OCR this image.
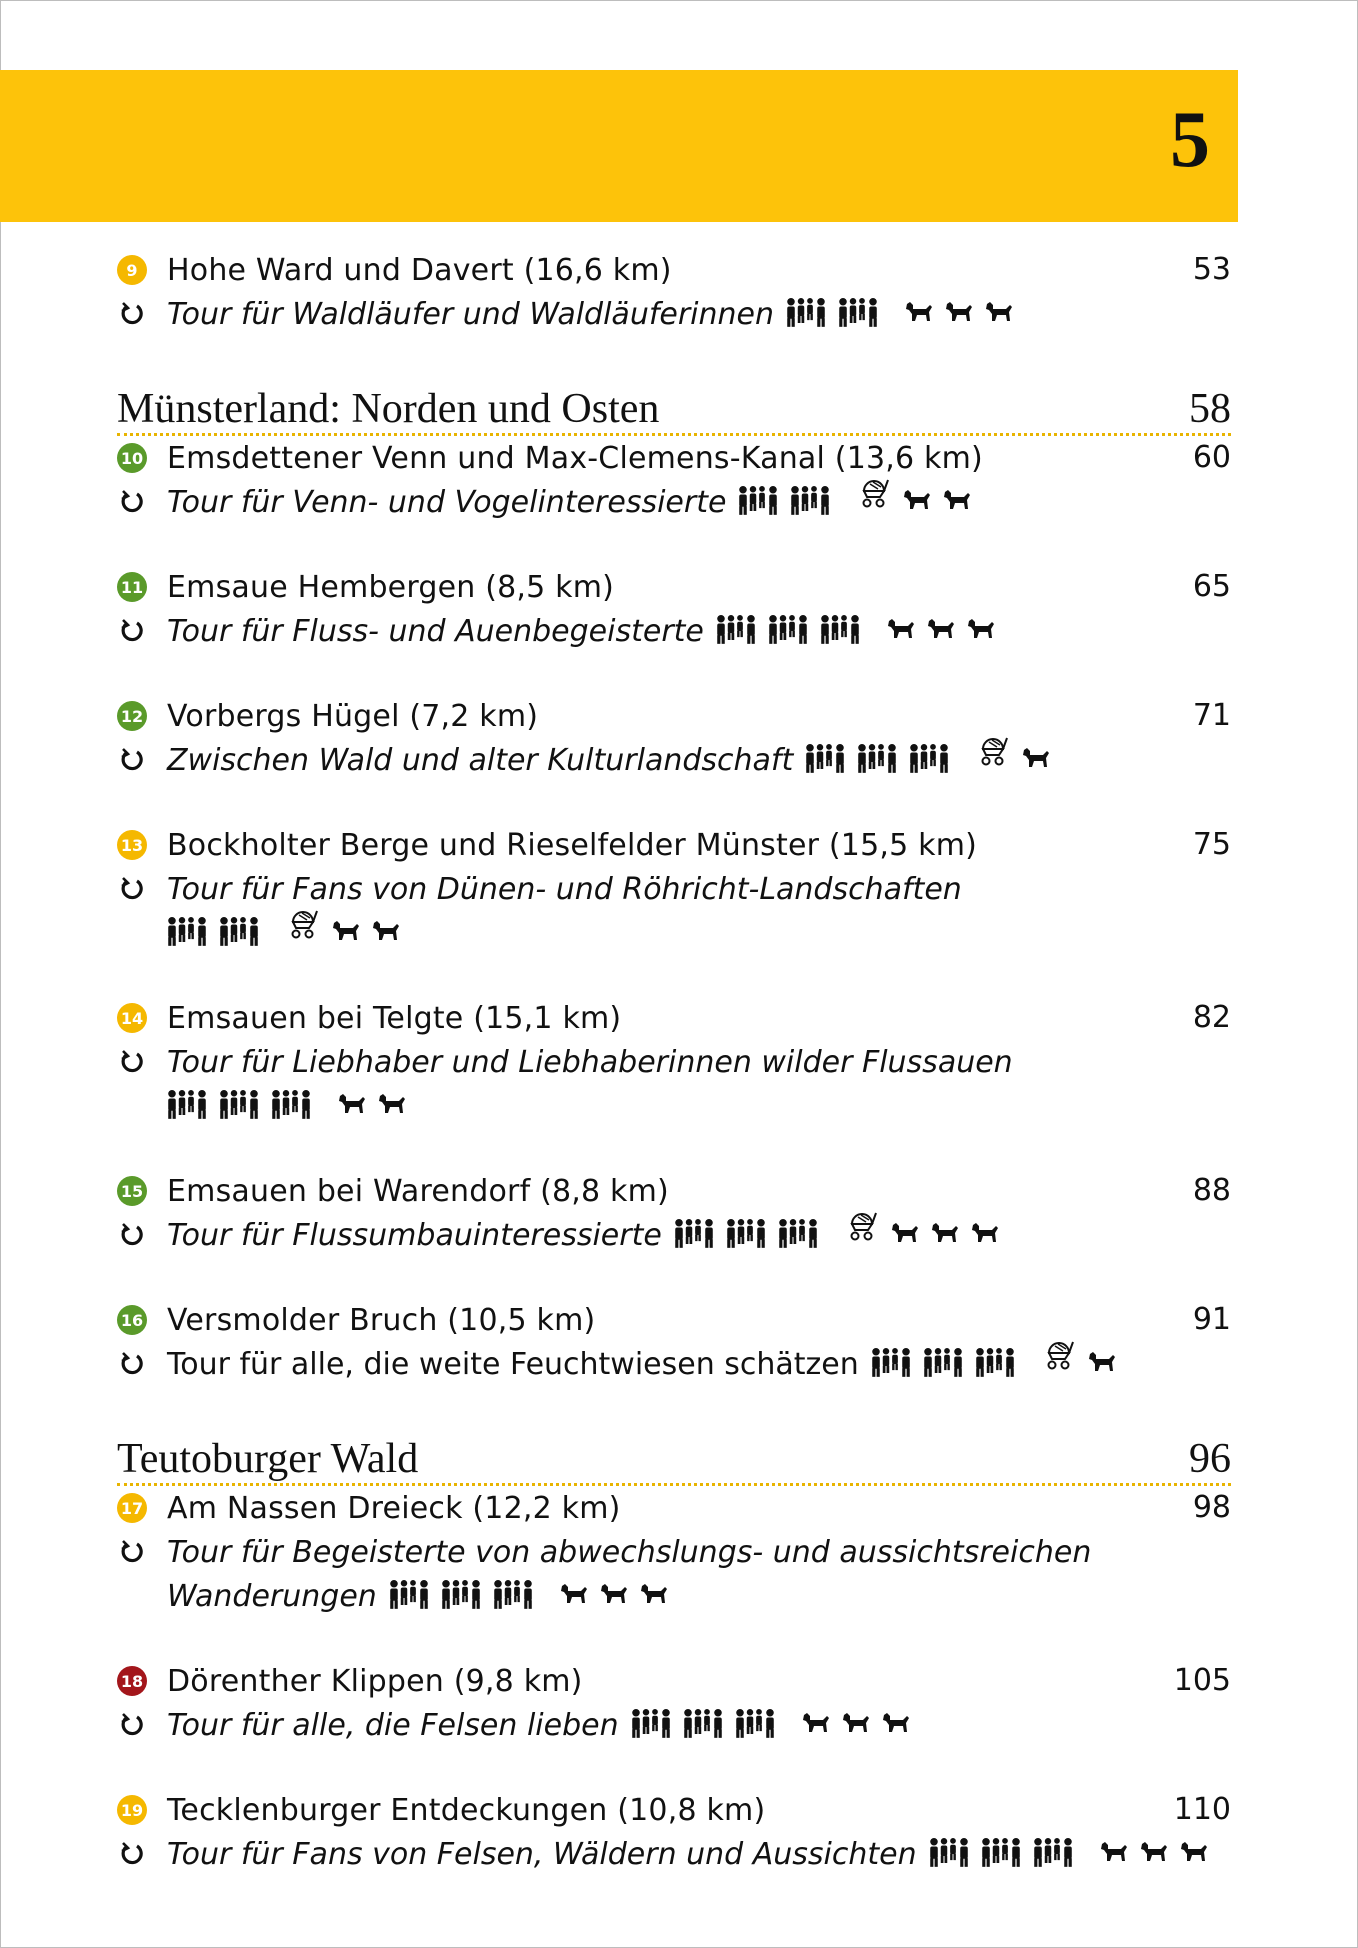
5
9 Hohe Ward und Davert (16,6 km)	53
Tour für Waldläufer und Waldläuferinnen
Münsterland: Norden und Osten	58
10 Emsdettener Venn und Max-Clemens-Kanal (13,6 km)	60
Tour für Venn- und Vogelinteressierte
11 Emsaue Hembergen (8,5 km)	65
Tour für Fluss- und Auenbegeisterte
12 Vorbergs Hügel (7,2 km)	71
Zwischen Wald und alter Kulturlandschaft
13 Bockholter Berge und Rieselfelder Münster (15,5 km)	75
Tour für Fans von Dünen- und Röhricht-Landschaften
14 Emsauen bei Telgte (15,1 km)	82
Tour für Liebhaber und Liebhaberinnen wilder Flussauen
15 Emsauen bei Warendorf (8,8 km)	88
Tour für Flussumbauinteressierte
16 Versmolder Bruch (10,5 km)	91
Tour für alle, die weite Feuchtwiesen schätzen
Teutoburger Wald	96
17 Am Nassen Dreieck (12,2 km)	98
Tour für Begeisterte von abwechslungs- und aussichtsreichen
Wanderungen
18 Dörenther Klippen (9,8 km)	105
Tour für alle, die Felsen lieben
19 Tecklenburger Entdeckungen (10,8 km)	110
Tour für Fans von Felsen, Wäldern und Aussichten
